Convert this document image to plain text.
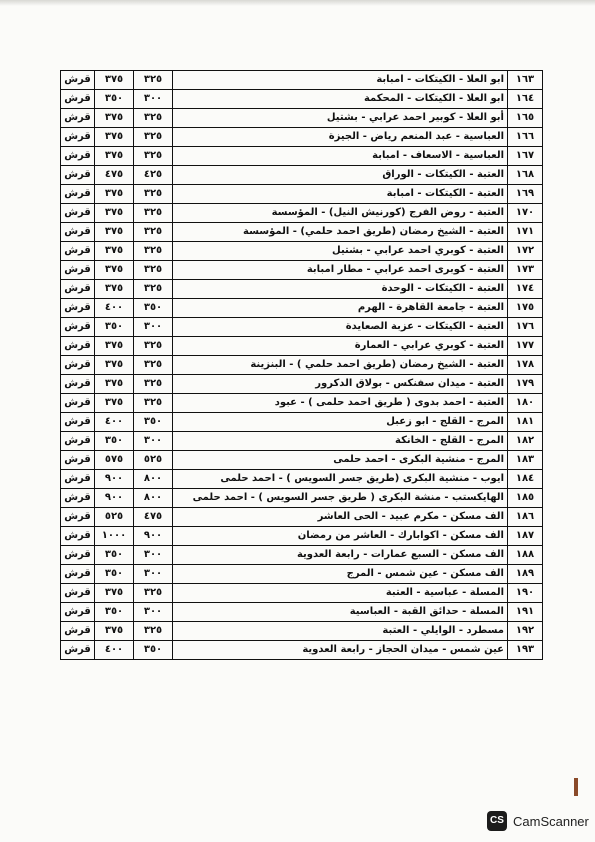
قرش	٣٧٥	٣٢٥	ابو العلا - الكيتكات - امبابة	١٦٣
قرش	٣٥٠	٣٠٠	ابو العلا - الكيتكات - المحكمة	١٦٤
قرش	٣٧٥	٣٢٥	أبو العلا - كوبير احمد عرابي - بشتيل	١٦٥
قرش	٣٧٥	٣٢٥	العباسية - عبد المنعم رياض - الجيزة	١٦٦
قرش	٣٧٥	٣٢٥	العباسية - الاسعاف - امبابة	١٦٧
قرش	٤٧٥	٤٢٥	العتبة - الكيتكات - الوراق	١٦٨
قرش	٣٧٥	٣٢٥	العتبة - الكيتكات - امبابة	١٦٩
قرش	٣٧٥	٣٢٥	العتبة - روض الفرج (كورنيش النيل) - المؤسسة	١٧٠
قرش	٣٧٥	٣٢٥	العتبة - الشيخ رمضان (طريق احمد حلمي) - المؤسسة	١٧١
قرش	٣٧٥	٣٢٥	العتبة - كوبري احمد عرابي - بشتيل	١٧٢
قرش	٣٧٥	٣٢٥	العتبة - كوبرى احمد عرابي - مطار امبابة	١٧٣
قرش	٣٧٥	٣٢٥	العتبة - الكيتكات - الوحدة	١٧٤
قرش	٤٠٠	٣٥٠	العتبة - جامعة القاهرة - الهرم	١٧٥
قرش	٣٥٠	٣٠٠	العتبة - الكيتكات - عزبة الصعايدة	١٧٦
قرش	٣٧٥	٣٢٥	العتبة - كوبري عرابي - العمارة	١٧٧
قرش	٣٧٥	٣٢٥	العتبة - الشيخ رمضان (طريق احمد حلمي ) - البنزينة	١٧٨
قرش	٣٧٥	٣٢٥	العتبة - ميدان سفنكس - بولاق الدكرور	١٧٩
قرش	٣٧٥	٣٢٥	العتبة - احمد بدوى ( طريق احمد حلمى ) - عبود	١٨٠
قرش	٤٠٠	٣٥٠	المرج - القلج - ابو زعبل	١٨١
قرش	٣٥٠	٣٠٠	المرج - القلج - الخانكة	١٨٢
قرش	٥٧٥	٥٢٥	المرج - منشية البكرى - احمد حلمى	١٨٣
قرش	٩٠٠	٨٠٠	ايوب - منشية البكرى (طريق جسر السويس ) - احمد حلمى	١٨٤
قرش	٩٠٠	٨٠٠	الهايكستب - منشة البكرى ( طريق جسر السويس ) - احمد حلمى	١٨٥
قرش	٥٢٥	٤٧٥	الف مسكن - مكرم عبيد - الحى العاشر	١٨٦
قرش	١٠٠٠	٩٠٠	الف مسكن - اكوابارك - العاشر من رمضان	١٨٧
قرش	٣٥٠	٣٠٠	الف مسكن - السبع عمارات - رابعة العدوية	١٨٨
قرش	٣٥٠	٣٠٠	الف مسكن - عين شمس - المرج	١٨٩
قرش	٣٧٥	٣٢٥	المسلة - عباسية - العتبة	١٩٠
قرش	٣٥٠	٣٠٠	المسلة - حدائق القبة - العباسية	١٩١
قرش	٣٧٥	٣٢٥	مسطرد - الوايلي - العتبة	١٩٢
قرش	٤٠٠	٣٥٠	عين شمس - ميدان الحجاز - رابعة العدوية	١٩٣
CS CamScanner
